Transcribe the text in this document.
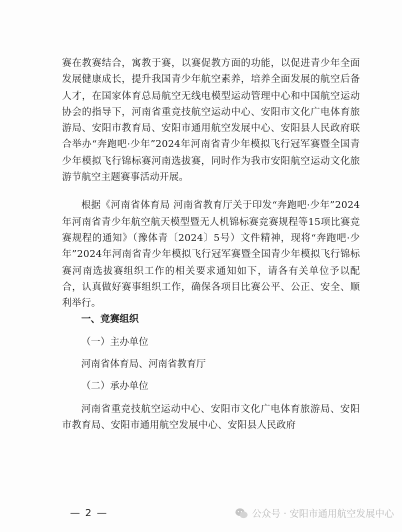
赛在教赛结合，寓教于赛，以赛促教方面的功能，以促进青少年全面发展健康成长，提升我国青少年航空素养，培养全面发展的航空后备人才，在国家体育总局航空无线电模型运动管理中心和中国航空运动协会的指导下，河南省重竞技航空运动中心、安阳市文化广电体育旅游局、安阳市教育局、安阳市通用航空发展中心、安阳县人民政府联合举办“奔跑吧·少年”2024年河南省青少年模拟飞行冠军赛暨全国青少年模拟飞行锦标赛河南选拔赛，同时作为我市安阳航空运动文化旅游节航空主题赛事活动开展。

根据《河南省体育局 河南省教育厅关于印发“奔跑吧·少年”2024年河南省青少年航空航天模型暨无人机锦标赛竞赛规程等15项比赛竞赛规程的通知》（豫体青〔2024〕5号）文件精神，现将“奔跑吧·少年”2024年河南省青少年模拟飞行冠军赛暨全国青少年模拟飞行锦标赛河南选拔赛组织工作的相关要求通知如下，请各有关单位予以配合，认真做好赛事组织工作，确保各项目比赛公平、公正、安全、顺利举行。

一、竞赛组织

（一）主办单位

河南省体育局、河南省教育厅

（二）承办单位

河南省重竞技航空运动中心、安阳市文化广电体育旅游局、安阳市教育局、安阳市通用航空发展中心、安阳县人民政府

— 2 —	公众号 · 安阳市通用航空发展中心
